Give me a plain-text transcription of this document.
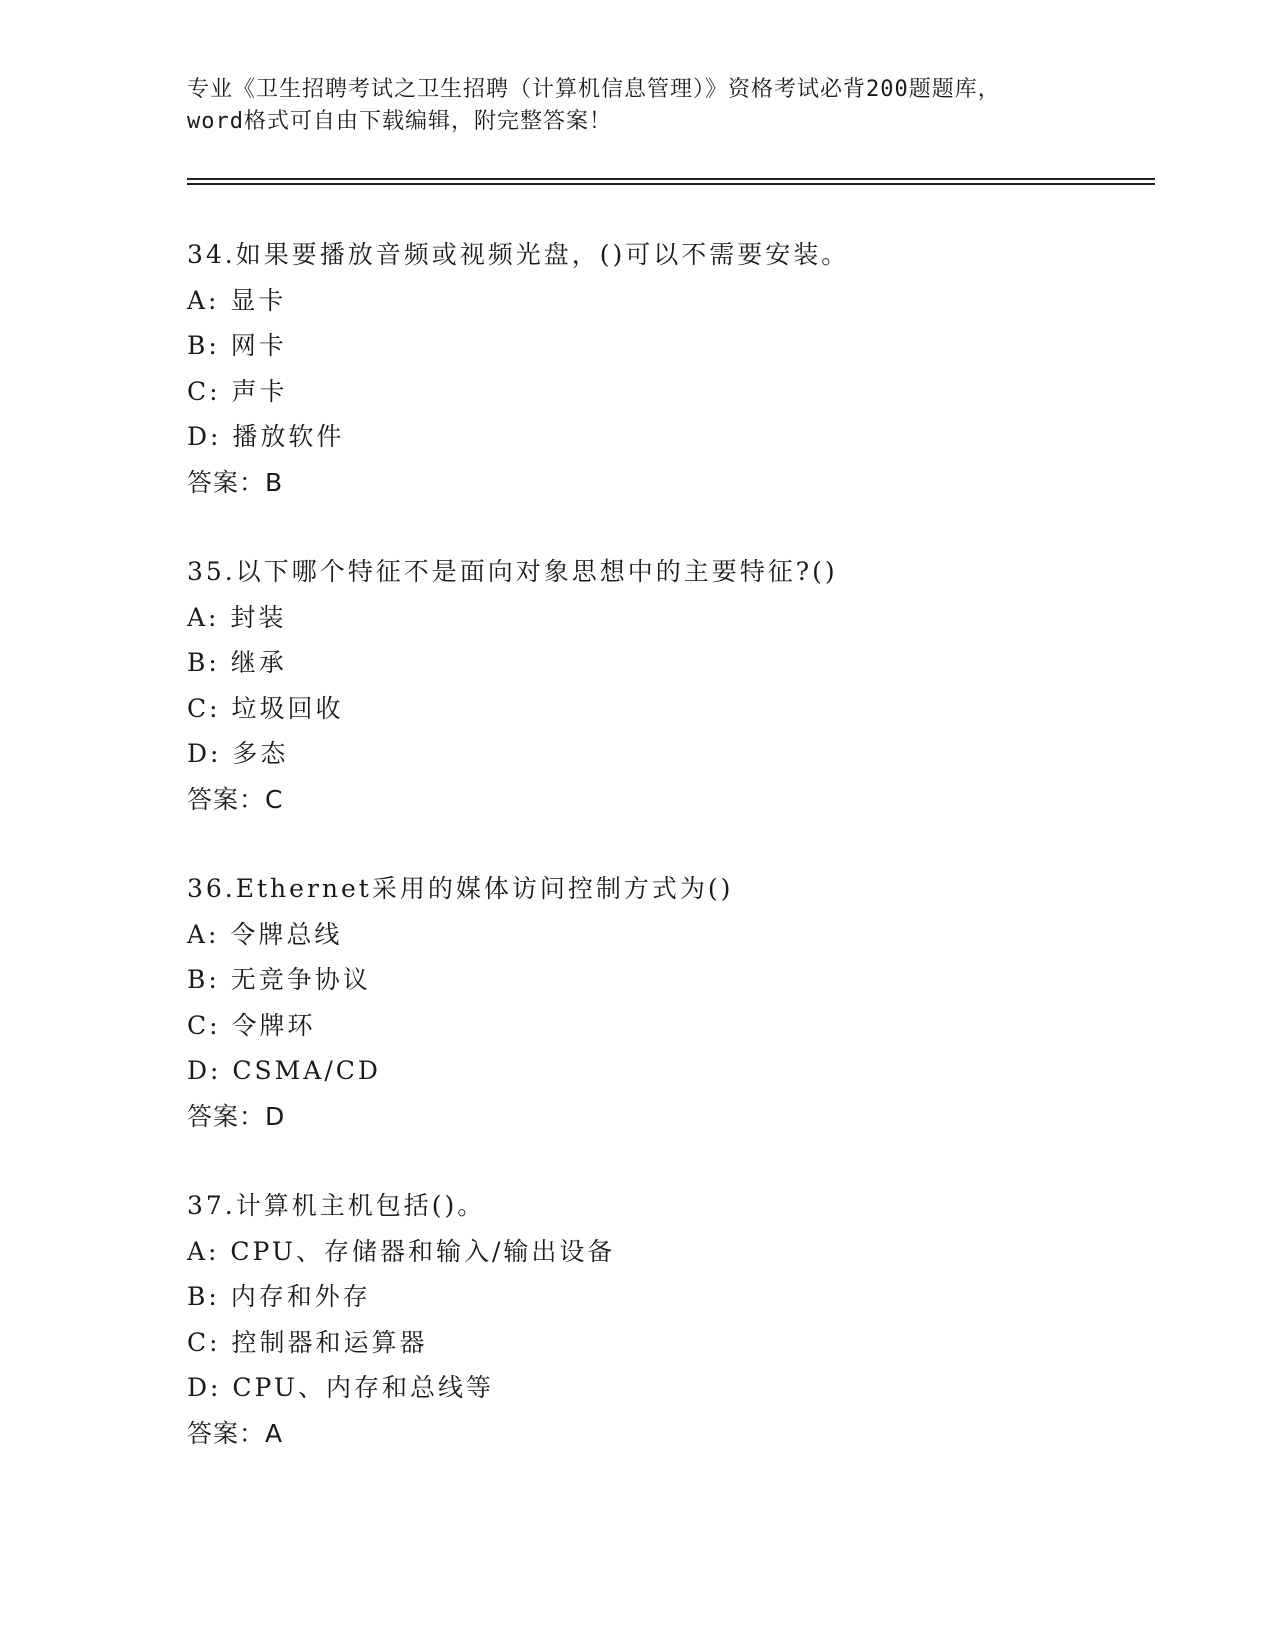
专业《卫生招聘考试之卫生招聘（计算机信息管理）》资格考试必背200题题库，
word格式可自由下载编辑，附完整答案！
34.如果要播放音频或视频光盘，()可以不需要安装。
A: 显卡
B: 网卡
C: 声卡
D: 播放软件
答案：B
35.以下哪个特征不是面向对象思想中的主要特征?()
A: 封装
B: 继承
C: 垃圾回收
D: 多态
答案：C
36.Ethernet采用的媒体访问控制方式为()
A: 令牌总线
B: 无竞争协议
C: 令牌环
D: CSMA/CD
答案：D
37.计算机主机包括()。
A: CPU、存储器和输入/输出设备
B: 内存和外存
C: 控制器和运算器
D: CPU、内存和总线等
答案：A
